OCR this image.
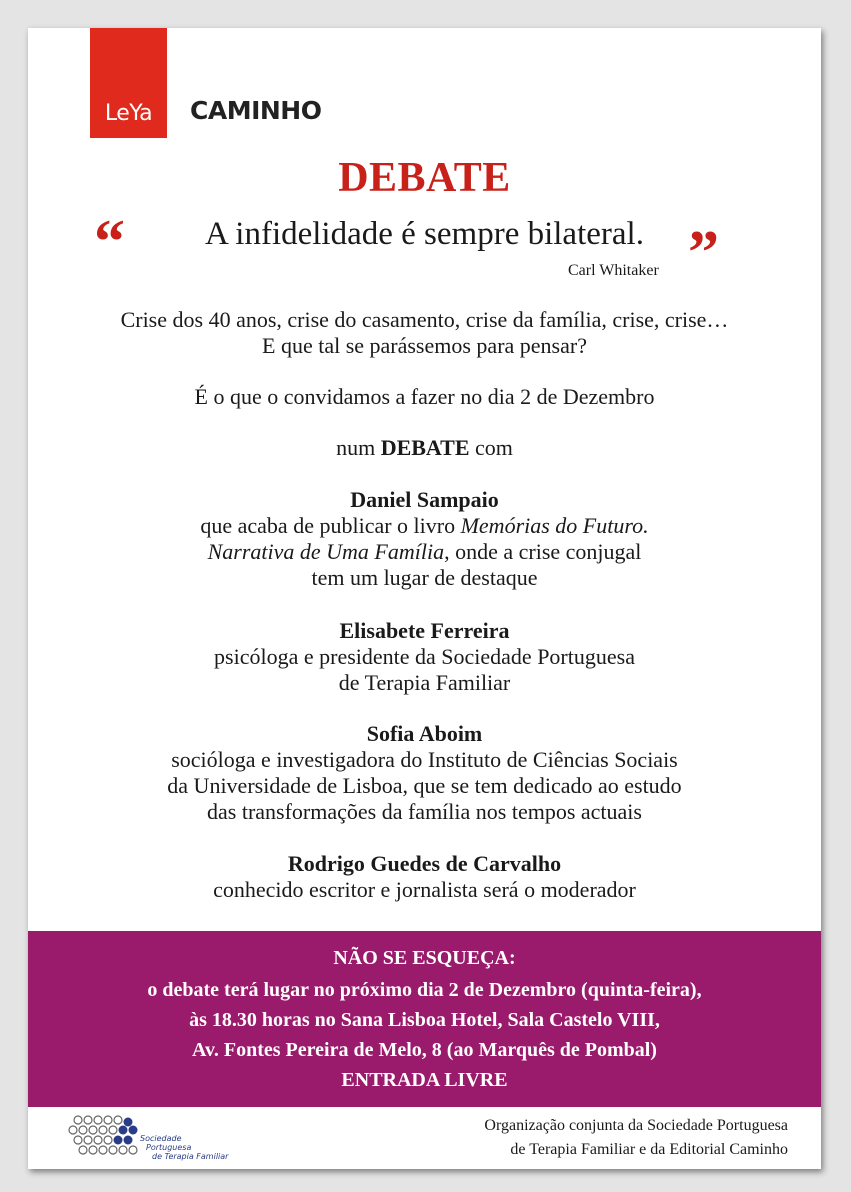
LeYa	CAMINHO
DEBATE
“	A infidelidade é sempre bilateral. ”
Carl Whitaker
Crise dos 40 anos, crise do casamento, crise da família, crise, crise…
E que tal se parássemos para pensar?
É o que o convidamos a fazer no dia 2 de Dezembro
num DEBATE com
Daniel Sampaio
que acaba de publicar o livro Memórias do Futuro.
Narrativa de Uma Família, onde a crise conjugal
tem um lugar de destaque
Elisabete Ferreira
psicóloga e presidente da Sociedade Portuguesa
de Terapia Familiar
Sofia Aboim
socióloga e investigadora do Instituto de Ciências Sociais
da Universidade de Lisboa, que se tem dedicado ao estudo
das transformações da família nos tempos actuais
Rodrigo Guedes de Carvalho
conhecido escritor e jornalista será o moderador
NÃO SE ESQUEÇA:
o debate terá lugar no próximo dia 2 de Dezembro (quinta-feira),
às 18.30 horas no Sana Lisboa Hotel, Sala Castelo VIII,
Av. Fontes Pereira de Melo, 8 (ao Marquês de Pombal)
ENTRADA LIVRE
Sociedade
Portuguesa
de Terapia Familiar
Organização conjunta da Sociedade Portuguesa
de Terapia Familiar e da Editorial Caminho
